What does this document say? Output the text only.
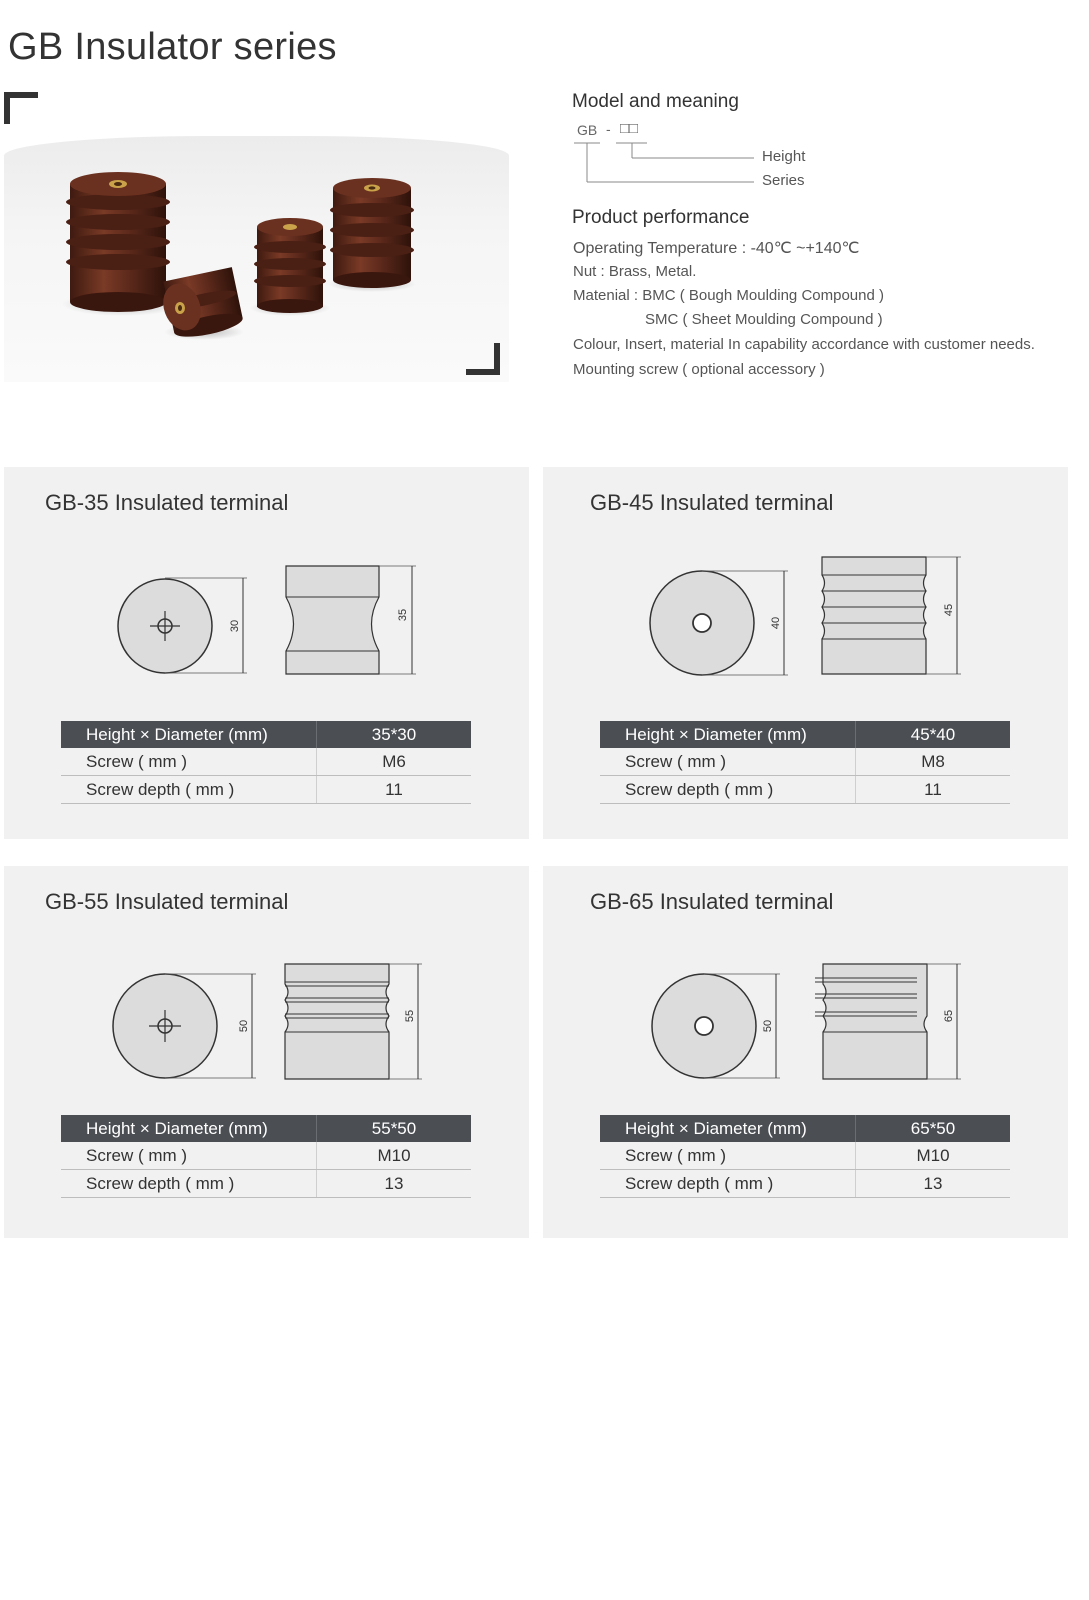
GB Insulator series
Model and meaning
GB - □□
Height
Series
Product performance
Operating Temperature : -40℃ ~+140℃
Nut : Brass, Metal.
Matenial : BMC ( Bough Moulding Compound )
SMC ( Sheet Moulding Compound )
Colour, Insert, material In capability accordance with customer needs.
Mounting screw ( optional accessory )
GB-35 Insulated terminal
30
35
Height × Diameter (mm)	35*30
Screw ( mm )	M6
Screw depth ( mm )	11
GB-45 Insulated terminal
40
45
Height × Diameter (mm)	45*40
Screw ( mm )	M8
Screw depth ( mm )	11
GB-55 Insulated terminal
50
55
Height × Diameter (mm)	55*50
Screw ( mm )	M10
Screw depth ( mm )	13
GB-65 Insulated terminal
50
65
Height × Diameter (mm)	65*50
Screw ( mm )	M10
Screw depth ( mm )	13
